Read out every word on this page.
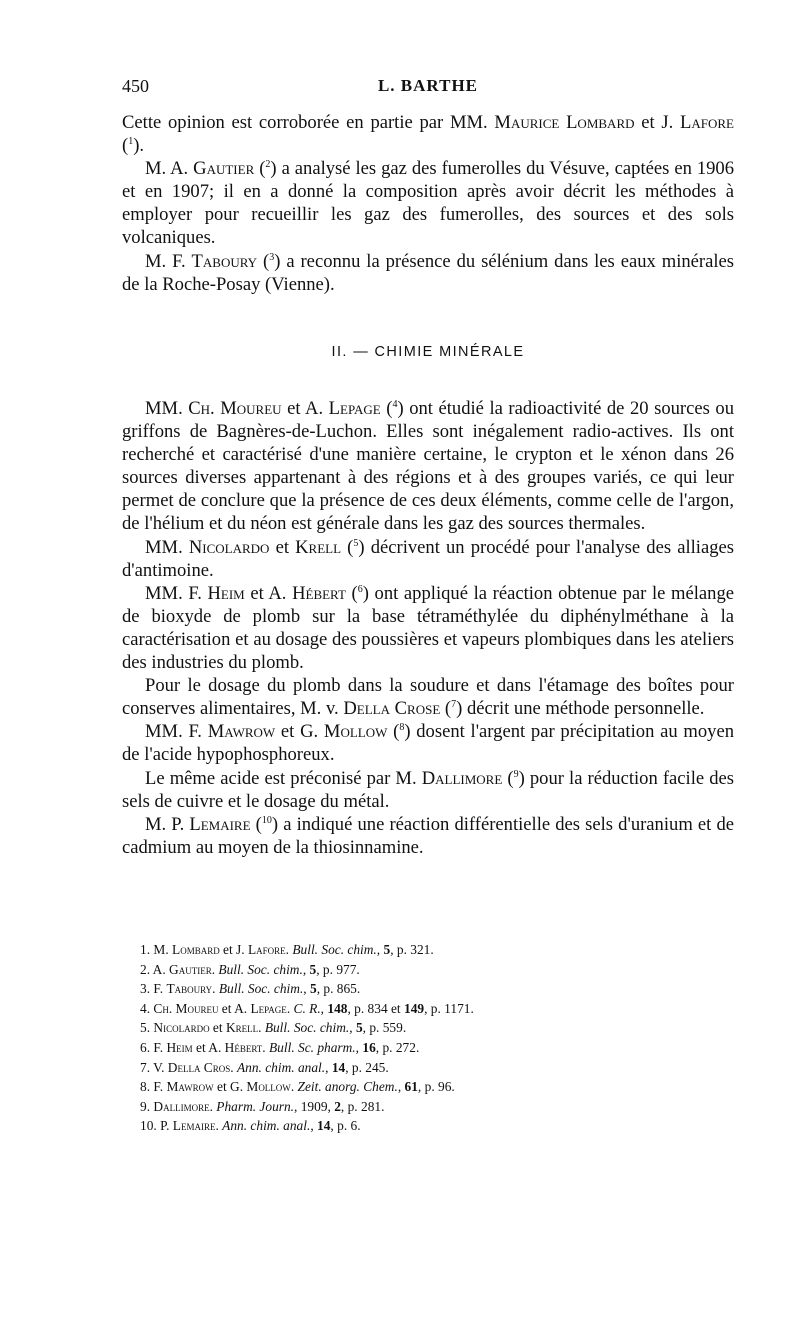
450	L. BARTHE

Cette opinion est corroborée en partie par MM. Maurice Lombard et J. Lafore ($^1$).

M. A. Gautier ($^2$) a analysé les gaz des fumerolles du Vésuve, captées en 1906 et en 1907; il en a donné la composition après avoir décrit les méthodes à employer pour recueillir les gaz des fumerolles, des sources et des sols volcaniques.

M. F. Taboury ($^3$) a reconnu la présence du sélénium dans les eaux minérales de la Roche-Posay (Vienne).

II. — CHIMIE MINÉRALE

MM. Ch. Moureu et A. Lepage ($^4$) ont étudié la radioactivité de 20 sources ou griffons de Bagnères-de-Luchon. Elles sont inégalement radio-actives. Ils ont recherché et caractérisé d'une manière certaine, le crypton et le xénon dans 26 sources diverses appartenant à des régions et à des groupes variés, ce qui leur permet de conclure que la présence de ces deux éléments, comme celle de l'argon, de l'hélium et du néon est générale dans les gaz des sources thermales.

MM. Nicolardo et Krell ($^5$) décrivent un procédé pour l'analyse des alliages d'antimoine.

MM. F. Heim et A. Hébert ($^6$) ont appliqué la réaction obtenue par le mélange de bioxyde de plomb sur la base tétraméthylée du diphénylméthane à la caractérisation et au dosage des poussières et vapeurs plombiques dans les ateliers des industries du plomb.

Pour le dosage du plomb dans la soudure et dans l'étamage des boîtes pour conserves alimentaires, M. v. Della Crose ($^7$) décrit une méthode personnelle.

MM. F. Mawrow et G. Mollow ($^8$) dosent l'argent par précipitation au moyen de l'acide hypophosphoreux.

Le même acide est préconisé par M. Dallimore ($^9$) pour la réduction facile des sels de cuivre et le dosage du métal.

M. P. Lemaire ($^{10}$) a indiqué une réaction différentielle des sels d'uranium et de cadmium au moyen de la thiosinnamine.

1. M. Lombard et J. Lafore. Bull. Soc. chim., 5, p. 321.
2. A. Gautier. Bull. Soc. chim., 5, p. 977.
3. F. Taboury. Bull. Soc. chim., 5, p. 865.
4. Ch. Moureu et A. Lepage. C. R., 148, p. 834 et 149, p. 1171.
5. Nicolardo et Krell. Bull. Soc. chim., 5, p. 559.
6. F. Heim et A. Hébert. Bull. Sc. pharm., 16, p. 272.
7. V. Della Cros. Ann. chim. anal., 14, p. 245.
8. F. Mawrow et G. Mollow. Zeit. anorg. Chem., 61, p. 96.
9. Dallimore. Pharm. Journ., 1909, 2, p. 281.
10. P. Lemaire. Ann. chim. anal., 14, p. 6.
